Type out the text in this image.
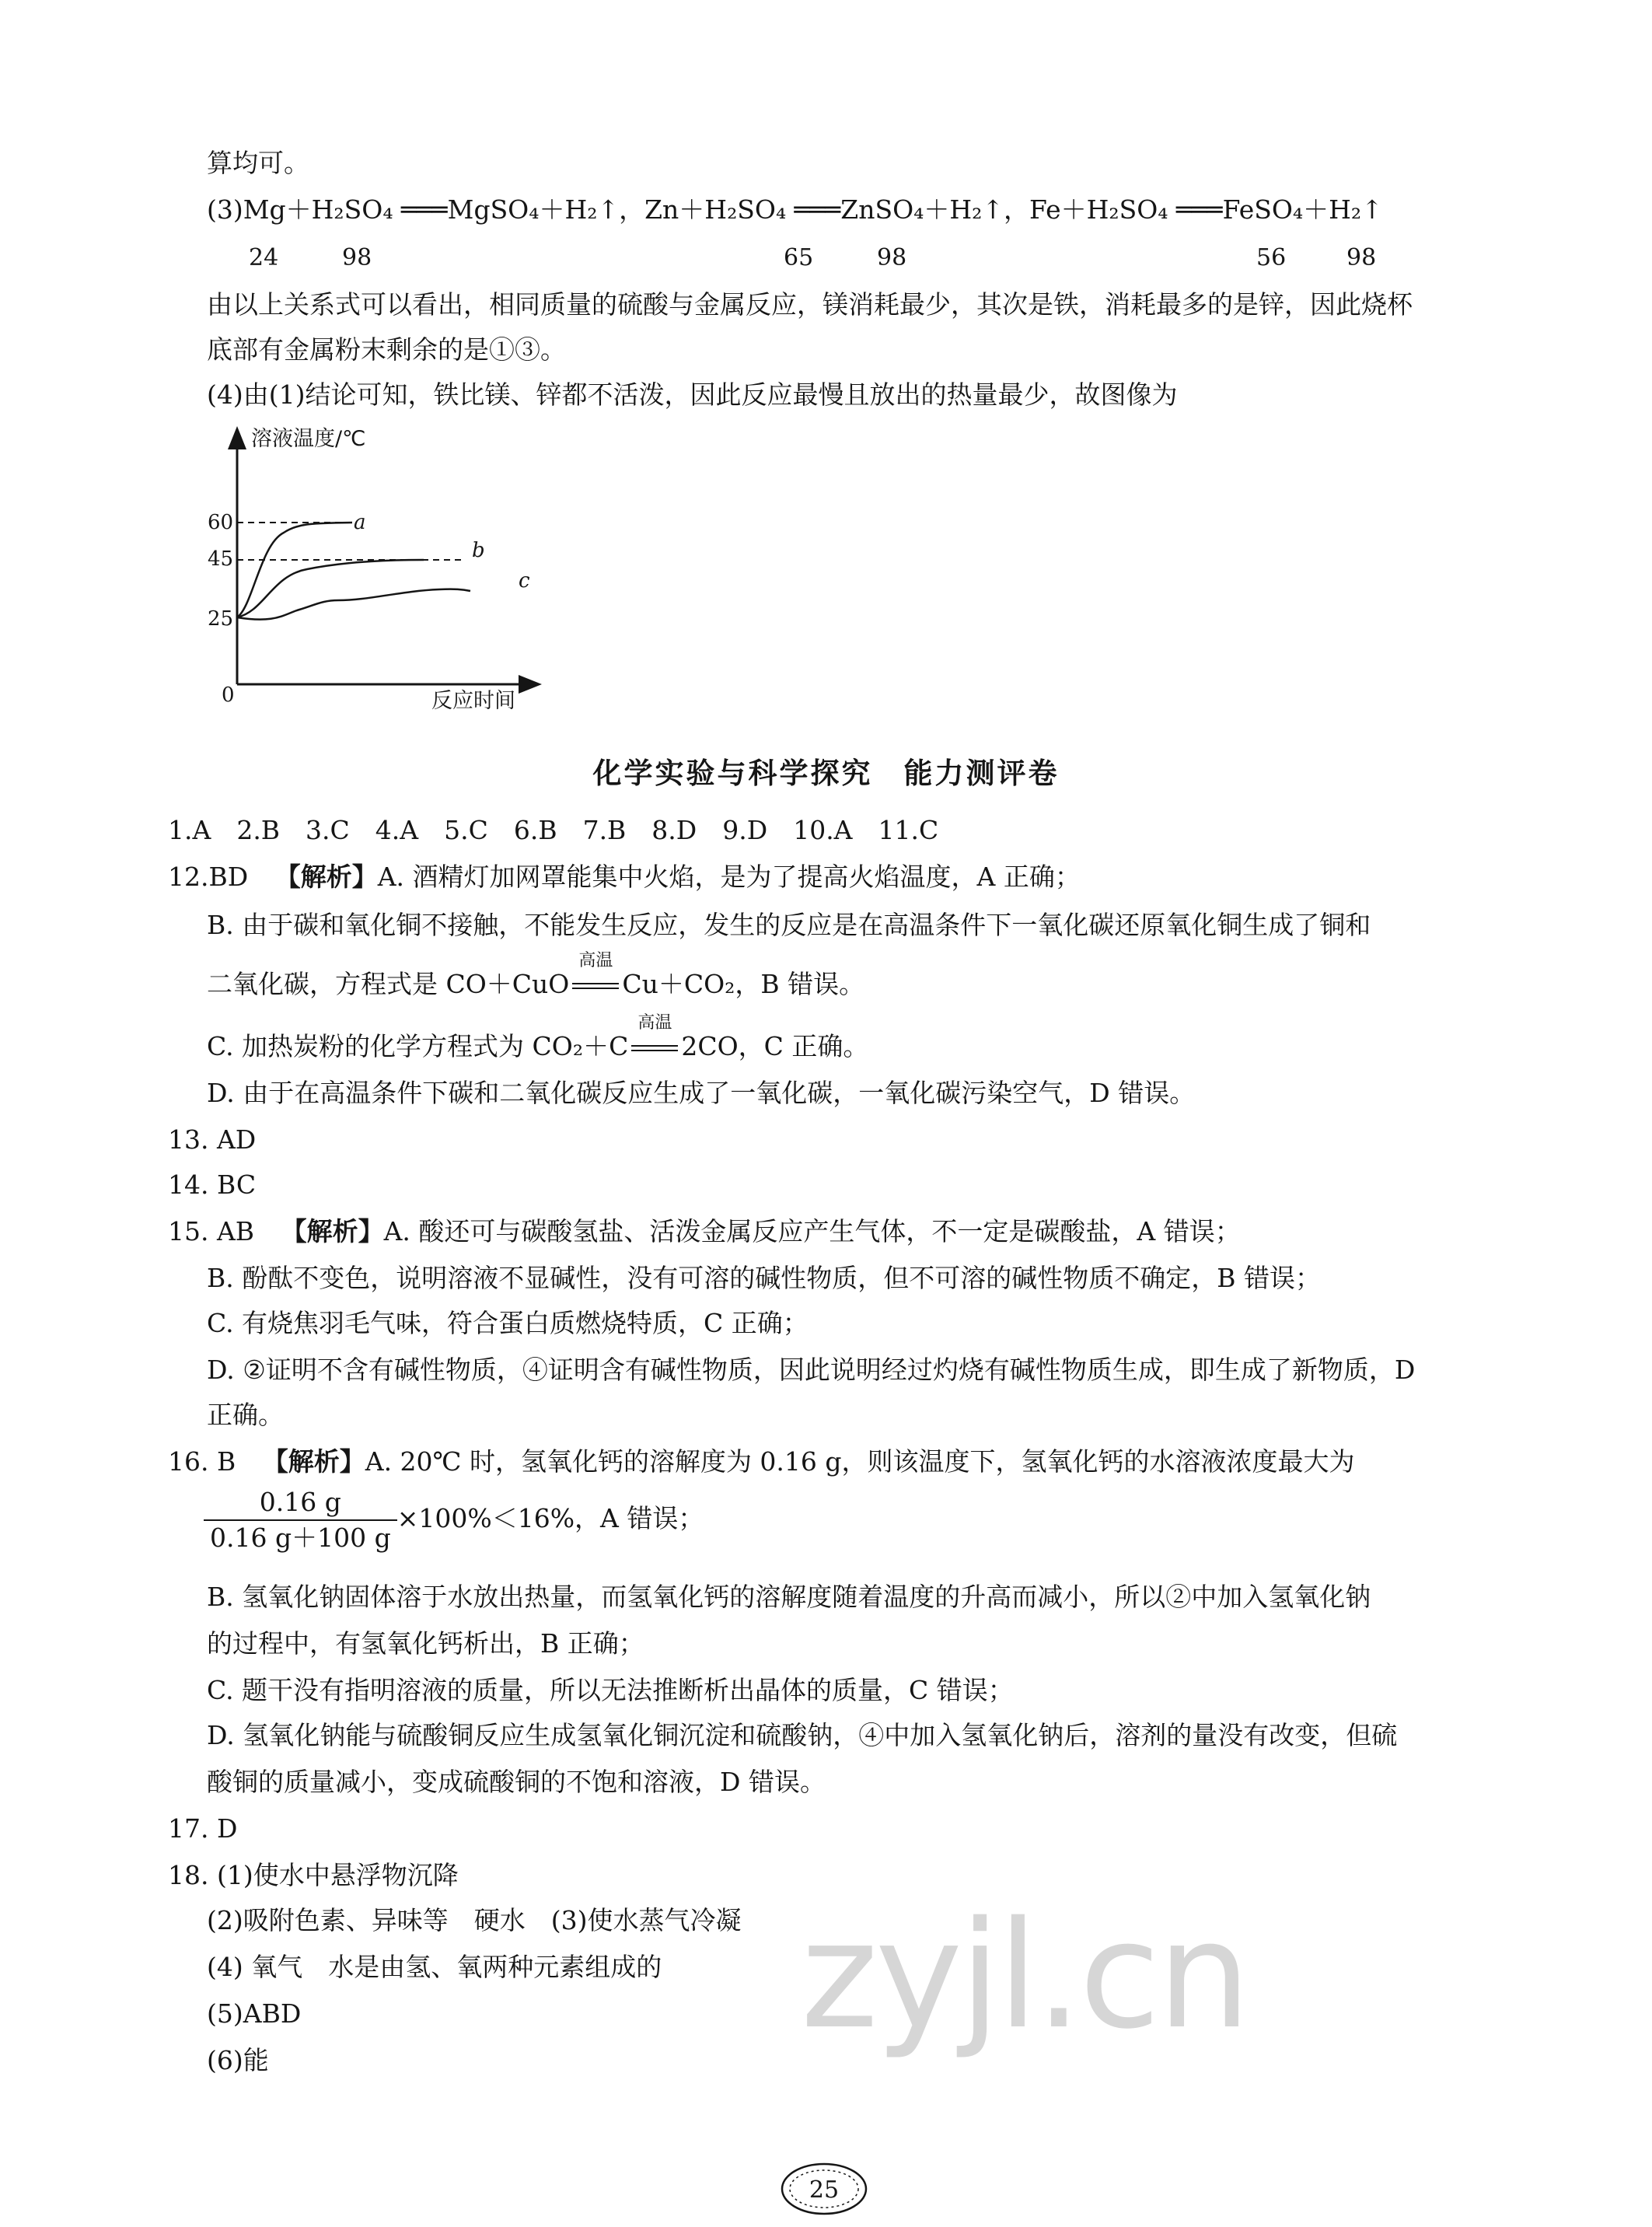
算均可。
(3)Mg＋H₂SO₄ ═══MgSO₄＋H₂↑，Zn＋H₂SO₄ ═══ZnSO₄＋H₂↑，Fe＋H₂SO₄ ═══FeSO₄＋H₂↑
24	98	65	98	56	98
由以上关系式可以看出，相同质量的硫酸与金属反应，镁消耗最少，其次是铁，消耗最多的是锌，因此烧杯
底部有金属粉末剩余的是①③。
(4)由(1)结论可知，铁比镁、锌都不活泼，因此反应最慢且放出的热量最少，故图像为
溶液温度/℃
反应时间
0
60
45
25
a
b
c
化学实验与科学探究　能力测评卷
1.A　2.B　3.C　4.A　5.C　6.B　7.B　8.D　9.D　10.A　11.C
12.BD 【解析】A. 酒精灯加网罩能集中火焰，是为了提高火焰温度，A 正确；
B. 由于碳和氧化铜不接触，不能发生反应，发生的反应是在高温条件下一氧化碳还原氧化铜生成了铜和
二氧化碳，方程式是 CO＋CuO
高温
Cu＋CO₂，B 错误。
C. 加热炭粉的化学方程式为 CO₂＋C
高温
2CO，C 正确。
D. 由于在高温条件下碳和二氧化碳反应生成了一氧化碳，一氧化碳污染空气，D 错误。
13. AD
14. BC
15. AB 【解析】A. 酸还可与碳酸氢盐、活泼金属反应产生气体，不一定是碳酸盐，A 错误；
B. 酚酞不变色，说明溶液不显碱性，没有可溶的碱性物质，但不可溶的碱性物质不确定，B 错误；
C. 有烧焦羽毛气味，符合蛋白质燃烧特质，C 正确；
D. ②证明不含有碱性物质，④证明含有碱性物质，因此说明经过灼烧有碱性物质生成，即生成了新物质，D
正确。
16. B 【解析】A. 20℃ 时，氢氧化钙的溶解度为 0.16 g，则该温度下，氢氧化钙的水溶液浓度最大为
$\frac{0.16 g}{0.16 g+100 g} \times 100\%<16\%$，A 错误；
B. 氢氧化钠固体溶于水放出热量，而氢氧化钙的溶解度随着温度的升高而减小，所以②中加入氢氧化钠
的过程中，有氢氧化钙析出，B 正确；
C. 题干没有指明溶液的质量，所以无法推断析出晶体的质量，C 错误；
D. 氢氧化钠能与硫酸铜反应生成氢氧化铜沉淀和硫酸钠，④中加入氢氧化钠后，溶剂的量没有改变，但硫
酸铜的质量减小，变成硫酸铜的不饱和溶液，D 错误。
17. D
18. (1)使水中悬浮物沉降
(2)吸附色素、异味等　硬水　(3)使水蒸气冷凝
(4) 氧气　水是由氢、氧两种元素组成的
(5)ABD
(6)能	zyjl.cn
25
